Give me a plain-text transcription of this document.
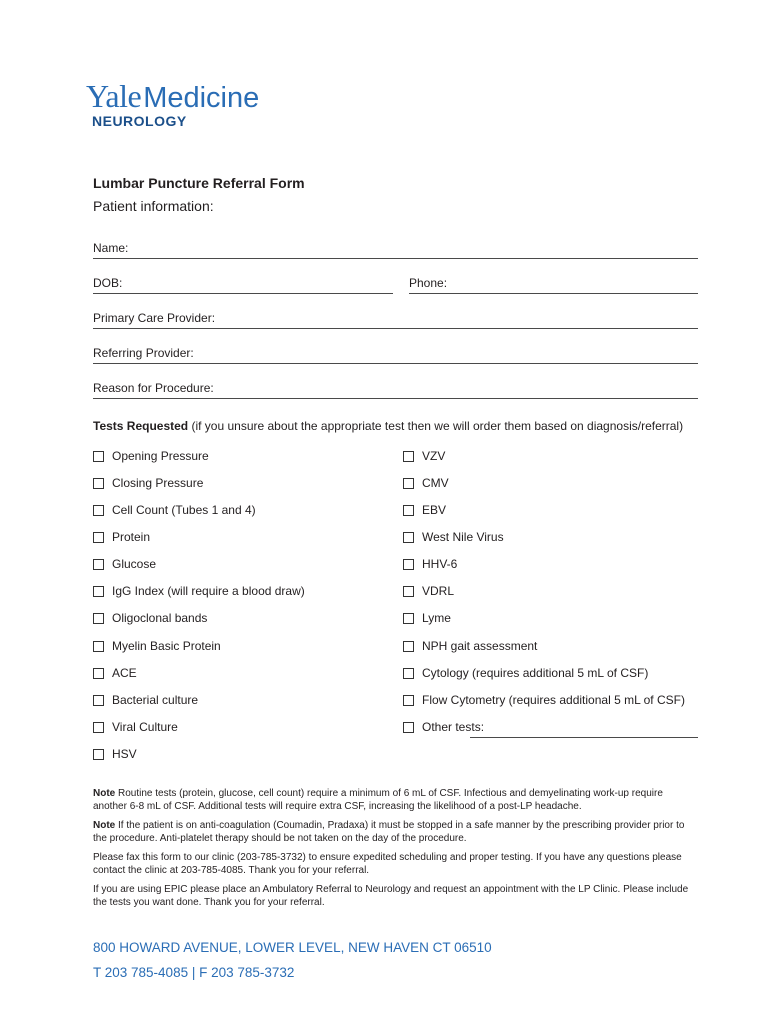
YaleMedicine
NEUROLOGY
Lumbar Puncture Referral Form
Patient information:
Name:
DOB:	Phone:
Primary Care Provider:
Referring Provider:
Reason for Procedure:
Tests Requested (if you unsure about the appropriate test then we will order them based on diagnosis/referral)
Opening Pressure
Closing Pressure
Cell Count (Tubes 1 and 4)
Protein
Glucose
IgG Index (will require a blood draw)
Oligoclonal bands
Myelin Basic Protein
ACE
Bacterial culture
Viral Culture
HSV
VZV
CMV
EBV
West Nile Virus
HHV-6
VDRL
Lyme
NPH gait assessment
Cytology (requires additional 5 mL of CSF)
Flow Cytometry (requires additional 5 mL of CSF)
Other tests:
Note Routine tests (protein, glucose, cell count) require a minimum of 6 mL of CSF. Infectious and demyelinating work-up require another 6-8 mL of CSF. Additional tests will require extra CSF, increasing the likelihood of a post-LP headache.
Note If the patient is on anti-coagulation (Coumadin, Pradaxa) it must be stopped in a safe manner by the prescribing provider prior to the procedure. Anti-platelet therapy should be not taken on the day of the procedure.
Please fax this form to our clinic (203-785-3732) to ensure expedited scheduling and proper testing. If you have any questions please contact the clinic at 203-785-4085. Thank you for your referral.
If you are using EPIC please place an Ambulatory Referral to Neurology and request an appointment with the LP Clinic. Please include the tests you want done. Thank you for your referral.
800 HOWARD AVENUE, LOWER LEVEL, NEW HAVEN CT 06510
T 203 785-4085 | F 203 785-3732
